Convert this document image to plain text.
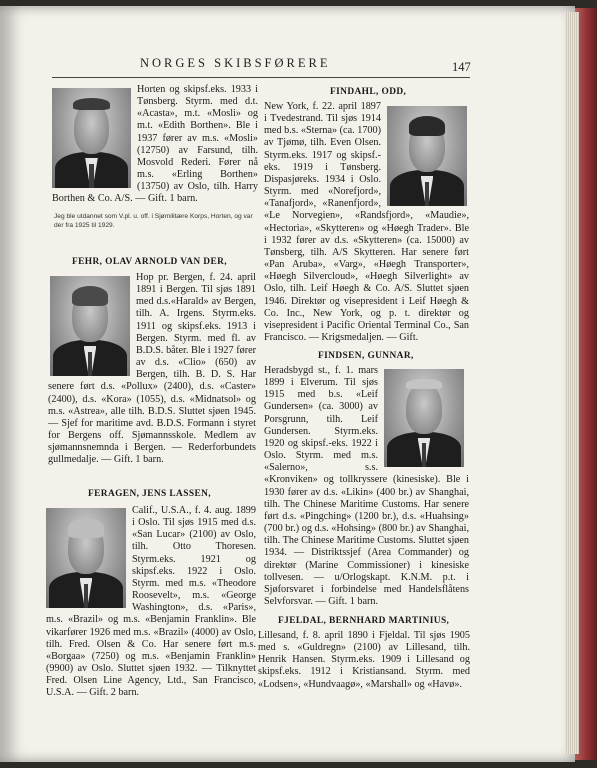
NORGES SKIBSFØRERE	147
Horten og skipsf.eks. 1933 i Tønsberg. Styrm. med d.t. «Acasta», m.t. «Mosli» og m.t. «Edith Borthen». Ble i 1937 fører av m.s. «Mosli» (12750) av Farsund, tilh. Mosvold Rederi. Fører nå m.s. «Erling Borthen» (13750) av Oslo, tilh. Harry Borthen & Co. A/S. — Gift. 1 barn.
Jeg ble utdannet som V.pl. u. off. i Sjømilitære Korps, Horten, og var der fra 1925 til 1929.
FEHR, OLAV ARNOLD VAN DER,
Hop pr. Bergen, f. 24. april 1891 i Bergen. Til sjøs 1891 med d.s.«Harald» av Bergen, tilh. A. Irgens. Styrm.eks. 1911 og skipsf.eks. 1913 i Bergen. Styrm. med fl. av B.D.S. båter. Ble i 1927 fører av d.s. «Clio» (650) av Bergen, tilh. B. D. S. Har senere ført d.s. «Pollux» (2400), d.s. «Caster» (2400), d.s. «Kora» (1055), d.s. «Midnatsol» og m.s. «Astrea», alle tilh. B.D.S. Sluttet sjøen 1945. — Sjef for maritime avd. B.D.S. Formann i styret for Bergens off. Sjømannsskole. Medlem av sjømannsnemnda i Bergen. — Rederforbundets gullmedalje. — Gift. 1 barn.
FERAGEN, JENS LASSEN,
Calif., U.S.A., f. 4. aug. 1899 i Oslo. Til sjøs 1915 med d.s. «San Lucar» (2100) av Oslo, tilh. Otto Thoresen. Styrm.eks. 1921 og skipsf.eks. 1922 i Oslo. Styrm. med m.s. «Theodore Roosevelt», m.s. «George Washington», d.s. «Paris», m.s. «Brazil» og m.s. «Benjamin Franklin». Ble vikarfører 1926 med m.s. «Brazil» (4000) av Oslo, tilh. Fred. Olsen & Co. Har senere ført m.s. «Borgaa» (7250) og m.s. «Benjamin Franklin» (9900) av Oslo. Sluttet sjøen 1932. — Tilknyttet Fred. Olsen Line Agency, Ltd., San Francisco, U.S.A. — Gift. 2 barn.
FINDAHL, ODD,
New York, f. 22. april 1897 i Tvedestrand. Til sjøs 1914 med b.s. «Sterna» (ca. 1700) av Tjømø, tilh. Even Olsen. Styrm.eks. 1917 og skipsf.-eks. 1919 i Tønsberg. Dispasjøreks. 1934 i Oslo. Styrm. med «Norefjord», «Tanafjord», «Ranenfjord», «Le Norvegien», «Randsfjord», «Maudie», «Hectoria», «Skytteren» og «Høegh Trader». Ble i 1932 fører av d.s. «Skytteren» (ca. 15000) av Tønsberg, tilh. A/S Skytteren. Har senere ført «Pan Aruba», «Varg», «Høegh Transporter», «Høegh Silvercloud», «Høegh Silverlight» av Oslo, tilh. Leif Høegh & Co. A/S. Sluttet sjøen 1946. Direktør og visepresident i Leif Høegh & Co. Inc., New York, og p. t. direktør og visepresident i Pacific Oriental Terminal Co., San Francisco. — Krigsmedaljen. — Gift.
FINDSEN, GUNNAR,
Heradsbygd st., f. 1. mars 1899 i Elverum. Til sjøs 1915 med b.s. «Leif Gundersen» (ca. 3000) av Porsgrunn, tilh. Leif Gundersen. Styrm.eks. 1920 og skipsf.-eks. 1922 i Oslo. Styrm. med m.s. «Salerno», s.s. «Kronviken» og tollkryssere (kinesiske). Ble i 1930 fører av d.s. «Likin» (400 br.) av Shanghai, tilh. The Chinese Maritime Customs. Har senere ført d.s. «Pingching» (1200 br.), d.s. «Huahsing» (700 br.) og d.s. «Hohsing» (800 br.) av Shanghai, tilh. The Chinese Maritime Customs. Sluttet sjøen 1934. — Distriktssjef (Area Commander) og direktør (Marine Commissioner) i kinesiske tollvesen. — u/Orlogskapt. K.N.M. p.t. i Sjøforsvaret i forbindelse med Handelsflåtens Selvforsvar. — Gift. 1 barn.
FJELDAL, BERNHARD MARTINIUS,
Lillesand, f. 8. april 1890 i Fjeldal. Til sjøs 1905 med s. «Guldregn» (2100) av Lillesand, tilh. Henrik Hansen. Styrm.eks. 1909 i Lillesand og skipsf.eks. 1912 i Kristiansand. Styrm. med «Lodsen», «Hundvaagø», «Marshall» og «Havø».
